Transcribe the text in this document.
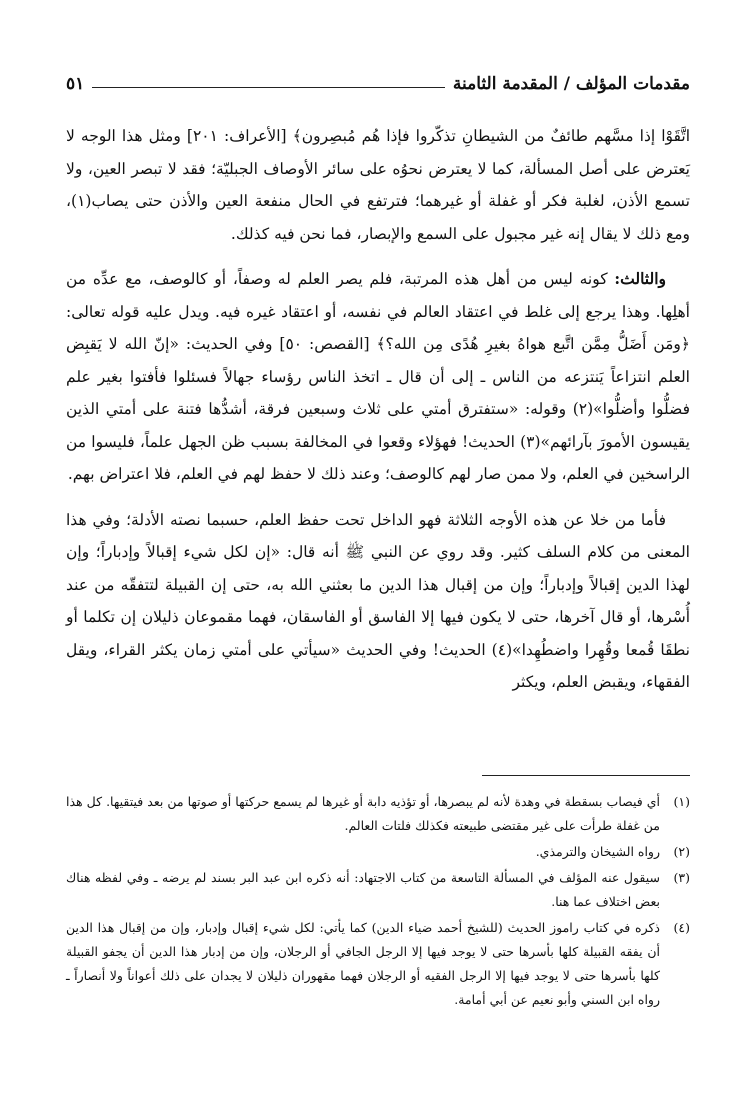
مقدمات المؤلف / المقدمة الثامنة
٥١

اتَّقَوْا إذا مسَّهم طائفٌ من الشيطانِ تذكّروا فإذا هُم مُبصِرون﴾ [الأعراف: ٢٠١] ومثل هذا الوجه لا يَعترض على أصل المسألة، كما لا يعترض نحوُه على سائر الأوصاف الجبليّة؛ فقد لا تبصر العين، ولا تسمع الأذن، لغلبة فكر أو غفلة أو غيرهما؛ فترتفع في الحال منفعة العين والأذن حتى يصاب(١)، ومع ذلك لا يقال إنه غير مجبول على السمع والإبصار، فما نحن فيه كذلك.

والثالث: كونه ليس من أهل هذه المرتبة، فلم يصر العلم له وصفاً، أو كالوصف، مع عدِّه من أهلِها. وهذا يرجع إلى غلط في اعتقاد العالم في نفسه، أو اعتقاد غيره فيه. ويدل عليه قوله تعالى: ﴿ومَن أَضَلُّ مِمَّن اتَّبع هواهُ بغيرِ هُدًى مِن الله؟﴾ [القصص: ٥٠] وفي الحديث: «إنّ الله لا يَقبِض العلم انتزاعاً يَنتزعه من الناس ـ إلى أن قال ـ اتخذ الناس رؤساء جهالاً فسئلوا فأفتوا بغير علم فضلُّوا وأضلُّوا»(٢) وقوله: «ستفترق أمتي على ثلاث وسبعين فرقة، أشدُّها فتنة على أمتي الذين يقيسون الأمورَ بآرائهم»(٣) الحديث! فهؤلاء وقعوا في المخالفة بسبب ظن الجهل علماً، فليسوا من الراسخين في العلم، ولا ممن صار لهم كالوصف؛ وعند ذلك لا حفظ لهم في العلم، فلا اعتراض بهم.

فأما من خلا عن هذه الأوجه الثلاثة فهو الداخل تحت حفظ العلم، حسبما نصته الأدلة؛ وفي هذا المعنى من كلام السلف كثير. وقد روي عن النبي ﷺ أنه قال: «إن لكل شيء إقبالاً وإدباراً؛ وإن لهذا الدين إقبالاً وإدباراً؛ وإن من إقبال هذا الدين ما بعثني الله به، حتى إن القبيلة لتتفقّه من عند أُسْرها، أو قال آخرها، حتى لا يكون فيها إلا الفاسق أو الفاسقان، فهما مقموعان ذليلان إن تكلما أو نطقَا قُمعا وقُهِرا واضطُهِدا»(٤) الحديث! وفي الحديث «سيأتي على أمتي زمان يكثر القراء، ويقل الفقهاء، ويقبض العلم، ويكثر

(١)
أي فيصاب بسقطة في وهدة لأنه لم يبصرها، أو تؤذيه دابة أو غيرها لم يسمع حركتها أو صوتها من بعد فيتقيها. كل هذا من غفلة طرأت على غير مقتضى طبيعته فكذلك فلتات العالم.
(٢)
رواه الشيخان والترمذي.
(٣)
سيقول عنه المؤلف في المسألة التاسعة من كتاب الاجتهاد: أنه ذكره ابن عبد البر بسند لم يرضه ـ وفي لفظه هناك بعض اختلاف عما هنا.
(٤)
ذكره في كتاب راموز الحديث (للشيخ أحمد ضياء الدين) كما يأتي: لكل شيء إقبال وإدبار، وإن من إقبال هذا الدين أن يفقه القبيلة كلها بأسرها حتى لا يوجد فيها إلا الرجل الجافي أو الرجلان، وإن من إدبار هذا الدين أن يجفو القبيلة كلها بأسرها حتى لا يوجد فيها إلا الرجل الفقيه أو الرجلان فهما مقهوران ذليلان لا يجدان على ذلك أعواناً ولا أنصاراً ـ رواه ابن السني وأبو نعيم عن أبي أمامة.
